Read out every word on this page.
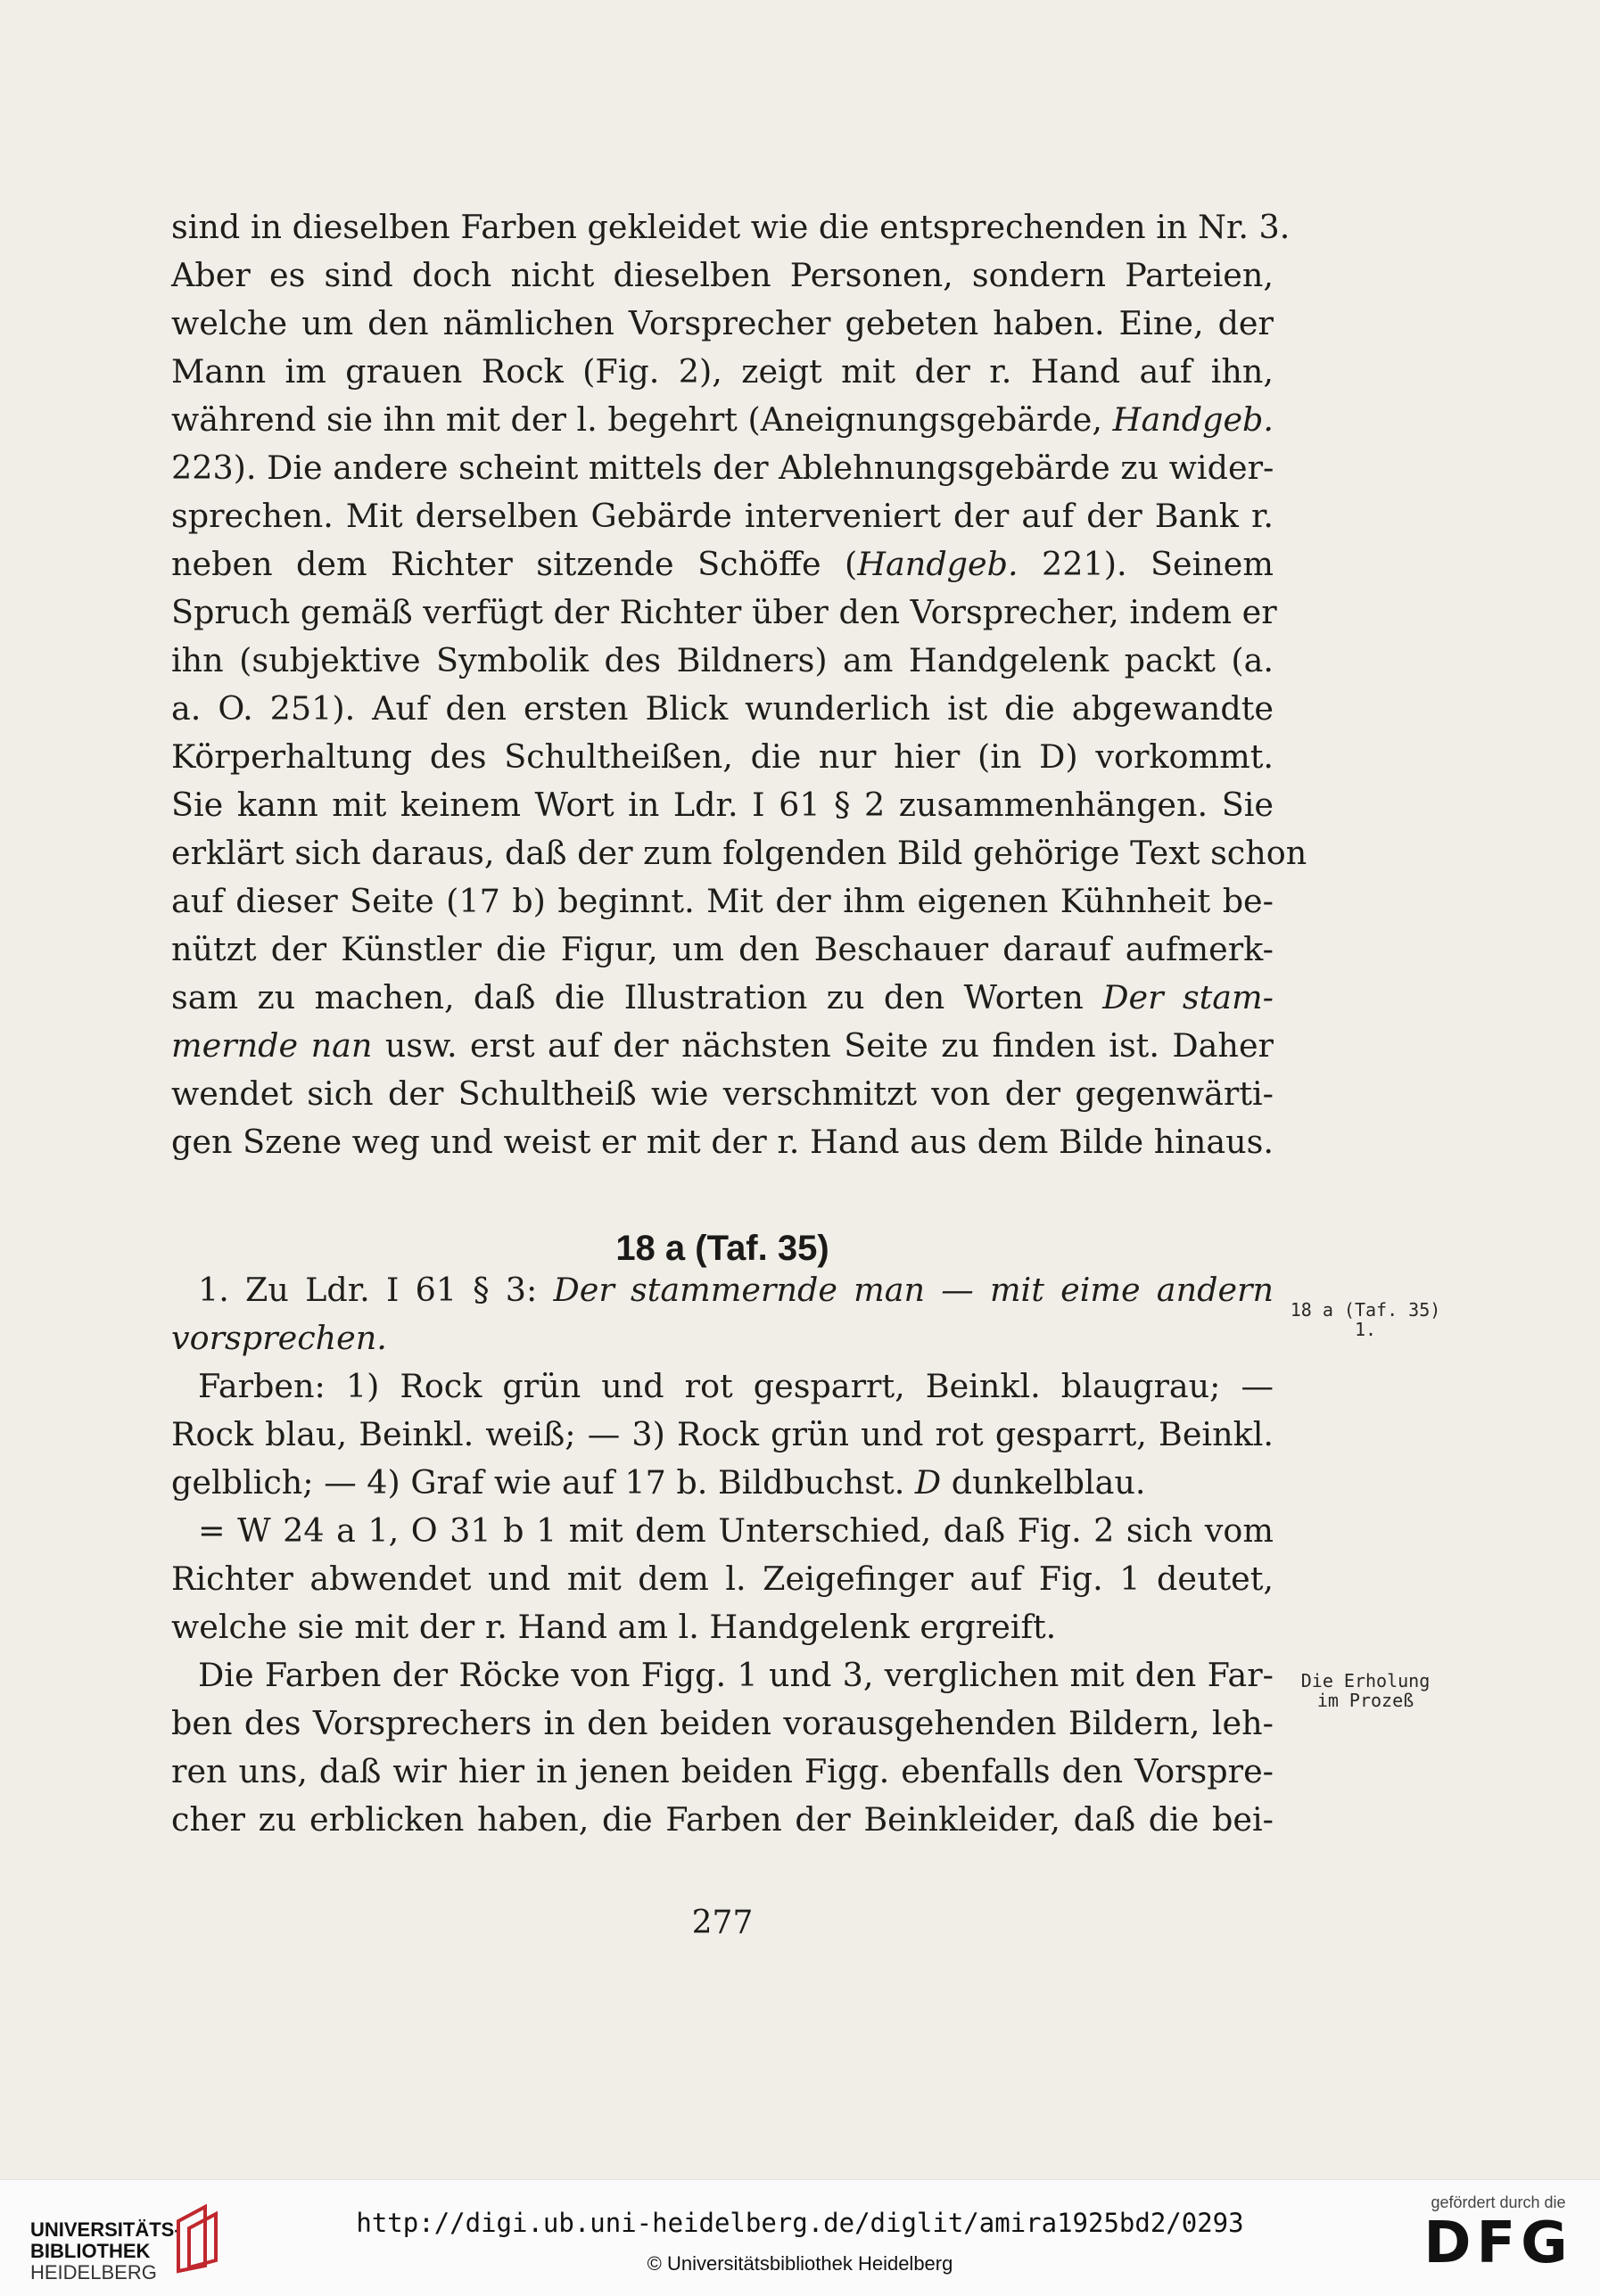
sind in dieselben Farben gekleidet wie die entsprechenden in Nr. 3.
Aber es sind doch nicht dieselben Personen, sondern Parteien,
welche um den nämlichen Vorsprecher gebeten haben. Eine, der
Mann im grauen Rock (Fig. 2), zeigt mit der r. Hand auf ihn,
während sie ihn mit der l. begehrt (Aneignungsgebärde, Handgeb.
223). Die andere scheint mittels der Ablehnungsgebärde zu wider-
sprechen. Mit derselben Gebärde interveniert der auf der Bank r.
neben dem Richter sitzende Schöffe (Handgeb. 221). Seinem
Spruch gemäß verfügt der Richter über den Vorsprecher, indem er
ihn (subjektive Symbolik des Bildners) am Handgelenk packt (a.
a. O. 251). Auf den ersten Blick wunderlich ist die abgewandte
Körperhaltung des Schultheißen, die nur hier (in D) vorkommt.
Sie kann mit keinem Wort in Ldr. I 61 § 2 zusammenhängen. Sie
erklärt sich daraus, daß der zum folgenden Bild gehörige Text schon
auf dieser Seite (17 b) beginnt. Mit der ihm eigenen Kühnheit be-
nützt der Künstler die Figur, um den Beschauer darauf aufmerk-
sam zu machen, daß die Illustration zu den Worten Der stam-
mernde nan usw. erst auf der nächsten Seite zu finden ist. Daher
wendet sich der Schultheiß wie verschmitzt von der gegenwärti-
gen Szene weg und weist er mit der r. Hand aus dem Bilde hinaus.
18 a (Taf. 35)
1. Zu Ldr. I 61 § 3: Der stammernde man — mit eime andern
vorsprechen.
Farben: 1) Rock grün und rot gesparrt, Beinkl. blaugrau; —
Rock blau, Beinkl. weiß; — 3) Rock grün und rot gesparrt, Beinkl.
gelblich; — 4) Graf wie auf 17 b. Bildbuchst. D dunkelblau.
= W 24 a 1, O 31 b 1 mit dem Unterschied, daß Fig. 2 sich vom
Richter abwendet und mit dem l. Zeigefinger auf Fig. 1 deutet,
welche sie mit der r. Hand am l. Handgelenk ergreift.
Die Farben der Röcke von Figg. 1 und 3, verglichen mit den Far-
ben des Vorsprechers in den beiden vorausgehenden Bildern, leh-
ren uns, daß wir hier in jenen beiden Figg. ebenfalls den Vorspre-
cher zu erblicken haben, die Farben der Beinkleider, daß die bei-
18 a (Taf. 35) 1.
Die Erholung
im Prozeß
277
UNIVERSITÄTS-
BIBLIOTHEK
HEIDELBERG
http://digi.ub.uni-heidelberg.de/diglit/amira1925bd2/0293
© Universitätsbibliothek Heidelberg
gefördert durch die
DFG
